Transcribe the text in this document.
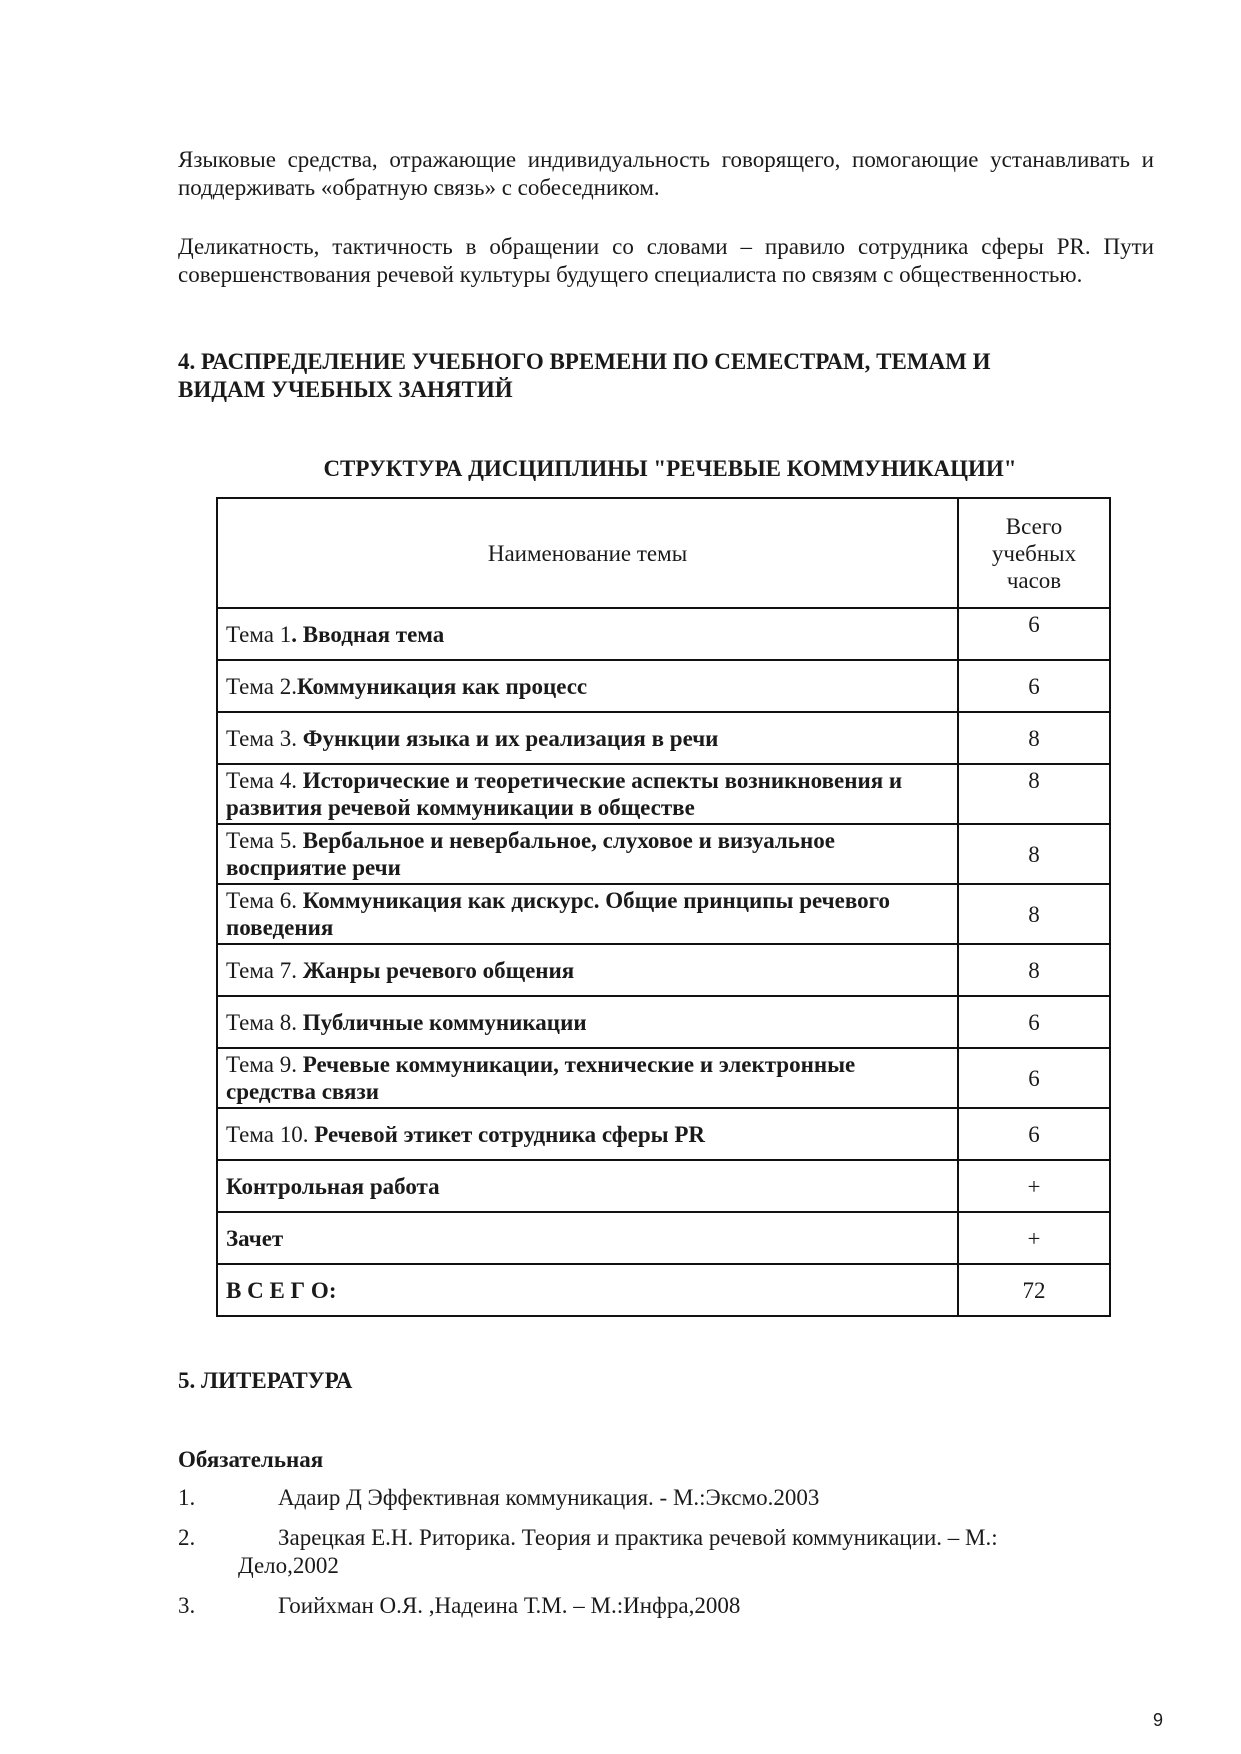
Языковые средства, отражающие индивидуальность говорящего, помогающие устанавливать и поддерживать «обратную связь» с собеседником.

Деликатность, тактичность в обращении со словами – правило сотрудника сферы PR. Пути совершенствования речевой культуры будущего специалиста по связям с общественностью.

4. РАСПРЕДЕЛЕНИЕ УЧЕБНОГО ВРЕМЕНИ ПО СЕМЕСТРАМ, ТЕМАМ И
ВИДАМ УЧЕБНЫХ ЗАНЯТИЙ

СТРУКТУРА ДИСЦИПЛИНЫ "РЕЧЕВЫЕ КОММУНИКАЦИИ"

Наименование темы	Всего
учебных
часов

Тема 1. Вводная тема	6
Тема 2.Коммуникация как процесс	6
Тема 3. Функции языка и их реализация в речи	8
Тема 4. Исторические и теоретические аспекты возникновения и развития речевой коммуникации в обществе	8
Тема 5. Вербальное и невербальное, слуховое и визуальное восприятие речи	8
Тема 6. Коммуникация как дискурс. Общие принципы речевого поведения	8
Тема 7. Жанры речевого общения	8
Тема 8. Публичные коммуникации	6
Тема 9. Речевые коммуникации, технические и электронные средства связи	6
Тема 10. Речевой этикет сотрудника сферы PR	6
Контрольная работа	+
Зачет	+
В С Е Г О:	72
5. ЛИТЕРАТУРА
Обязательная
1.	Адаир Д Эффективная коммуникация. - М.:Эксмо.2003
2.	Зарецкая Е.Н. Риторика. Теория и практика речевой коммуникации. – М.:
Дело,2002
3.	Гоийхман О.Я. ,Надеина Т.М. – М.:Инфра,2008
9
